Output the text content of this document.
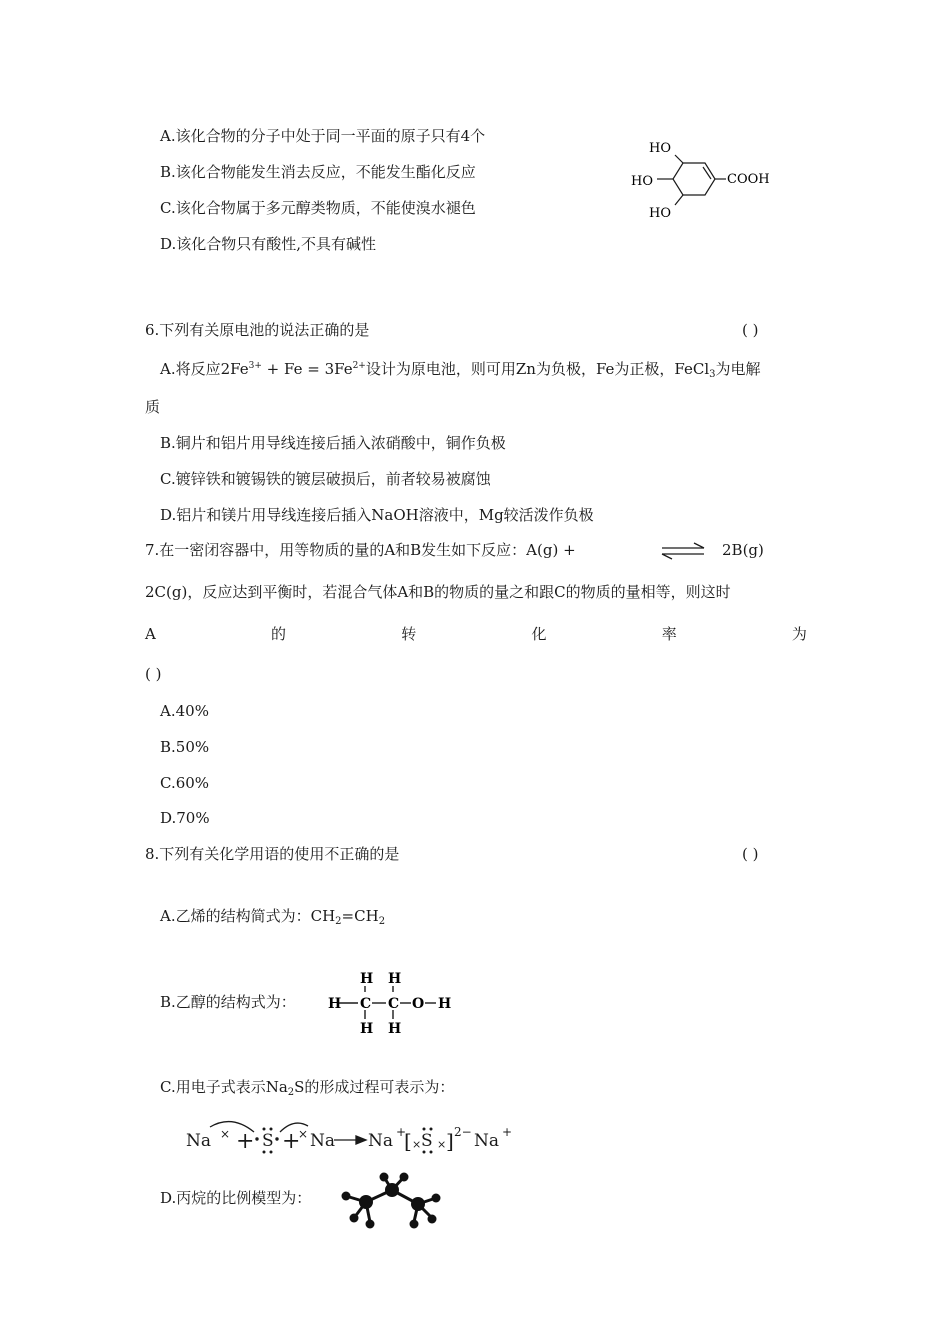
A.该化合物的分子中处于同一平面的原子只有4个
B.该化合物能发生消去反应，不能发生酯化反应
C.该化合物属于多元醇类物质，不能使溴水褪色
D.该化合物只有酸性,不具有碱性
HO
HO
HO
COOH
6.下列有关原电池的说法正确的是	( )
A.将反应$2Fe^{3+} + Fe = 3Fe^{2+}$设计为原电池，则可用Zn为负极，Fe为正极，FeCl$_3$为电解
质
B.铜片和铝片用导线连接后插入浓硝酸中，铜作负极
C.镀锌铁和镀锡铁的镀层破损后，前者较易被腐蚀
D.铝片和镁片用导线连接后插入NaOH溶液中，Mg较活泼作负极
7.在一密闭容器中，用等物质的量的A和B发生如下反应：A(g) +	⇌ 2B(g)
2C(g)，反应达到平衡时，若混合气体A和B的物质的量之和跟C的物质的量相等，则这时
A	的	转	化	率	为
( )
A.40%
B.50%
C.60%
D.70%
8.下列有关化学用语的使用不正确的是	( )
A.乙烯的结构简式为：$CH_2=CH_2$
B.乙醇的结构式为：
H H
H C C O H
H H
C.用电子式表示$Na_2S$的形成过程可表示为：
Na × + S +
× Na Na +
[ × S × ] 2− Na +
D.丙烷的比例模型为：
